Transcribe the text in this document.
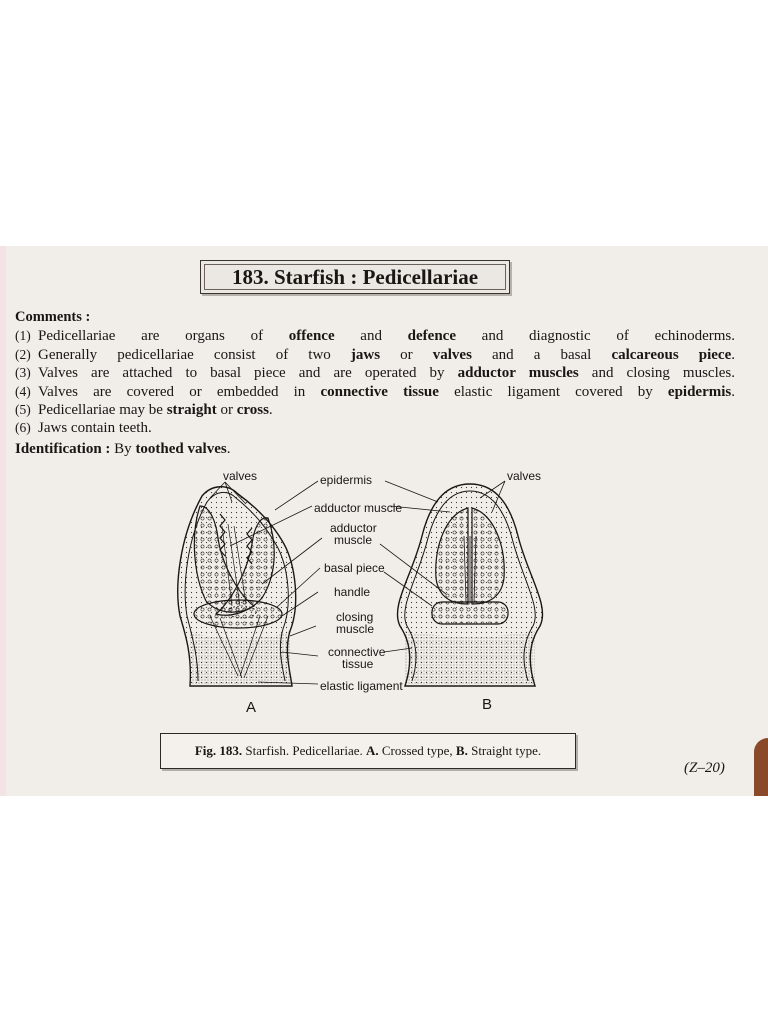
183. Starfish : Pedicellariae
Comments :
(1) Pedicellariae are organs of offence and defence and diagnostic of echinoderms.
(2) Generally pedicellariae consist of two jaws or valves and a basal calcareous piece.
(3) Valves are attached to basal piece and are operated by adductor muscles and closing muscles.
(4) Valves are covered or embedded in connective tissue elastic ligament covered by epidermis.
(5) Pedicellariae may be straight or cross.
(6) Jaws contain teeth.
Identification : By toothed valves.
valves	epidermis
adductor muscle
adductor
muscle
basal piece
handle
closing
muscle
connective
tissue
elastic ligament
valves
A	B
Fig. 183. Starfish. Pedicellariae. A. Crossed type, B. Straight type.
(Z–20)
